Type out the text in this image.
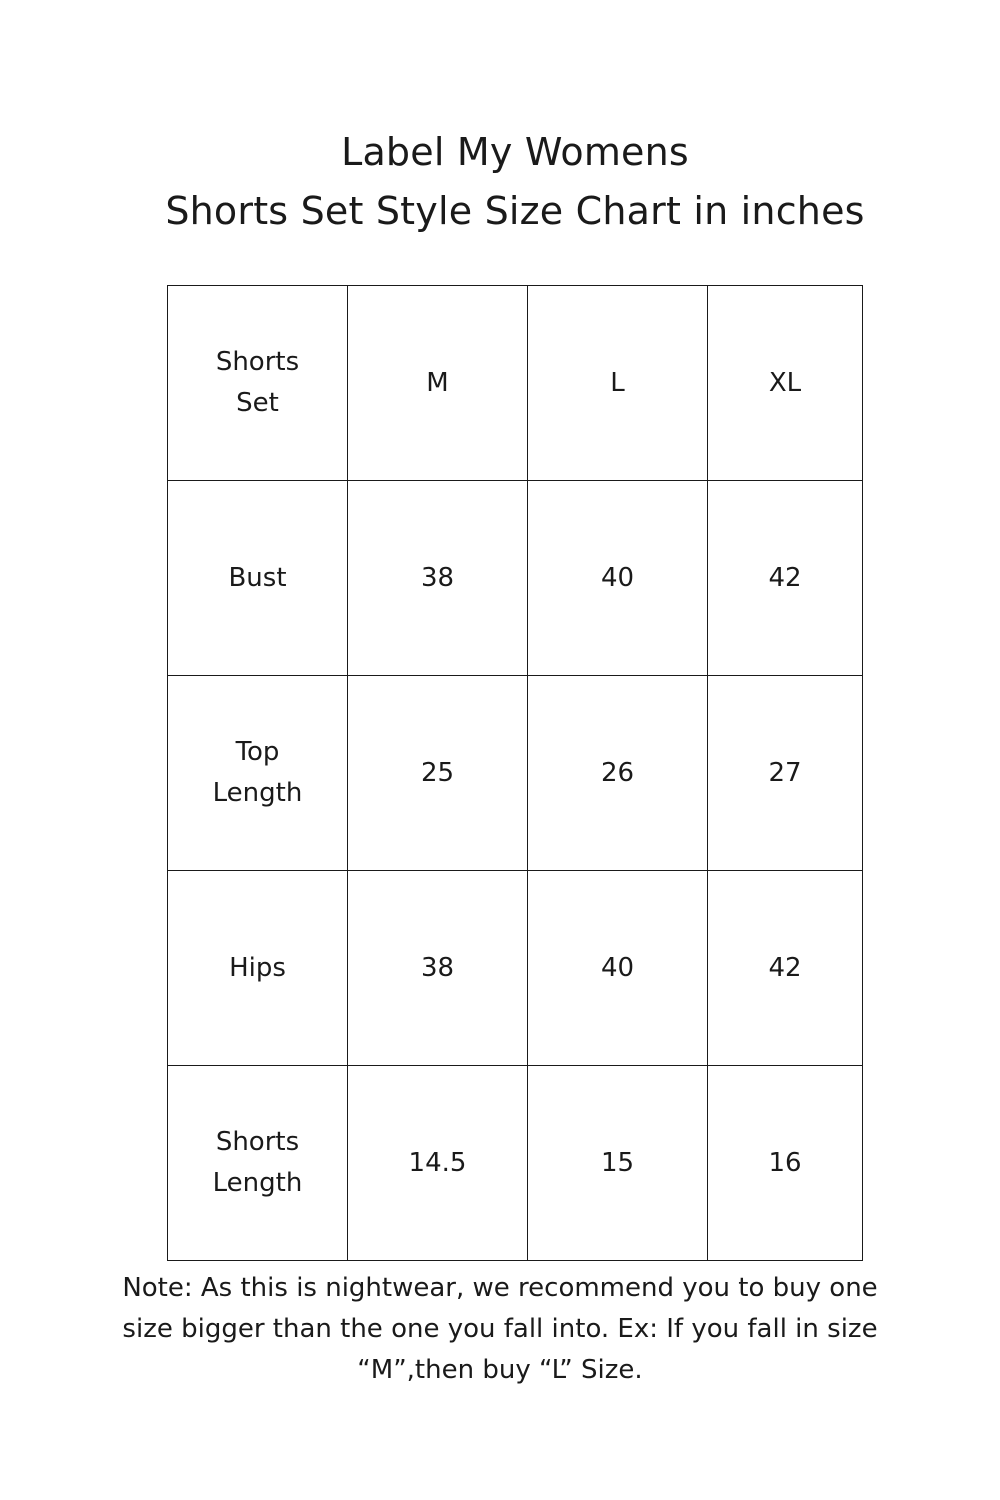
Label My Womens
Shorts Set Style Size Chart in inches
Shorts Set	M	L	XL
Bust	38	40	42
Top Length	25	26	27
Hips	38	40	42
Shorts Length	14.5	15	16

Note: As this is nightwear, we recommend you to buy one size bigger than the one you fall into. Ex: If you fall in size “M”,then buy “L” Size.
